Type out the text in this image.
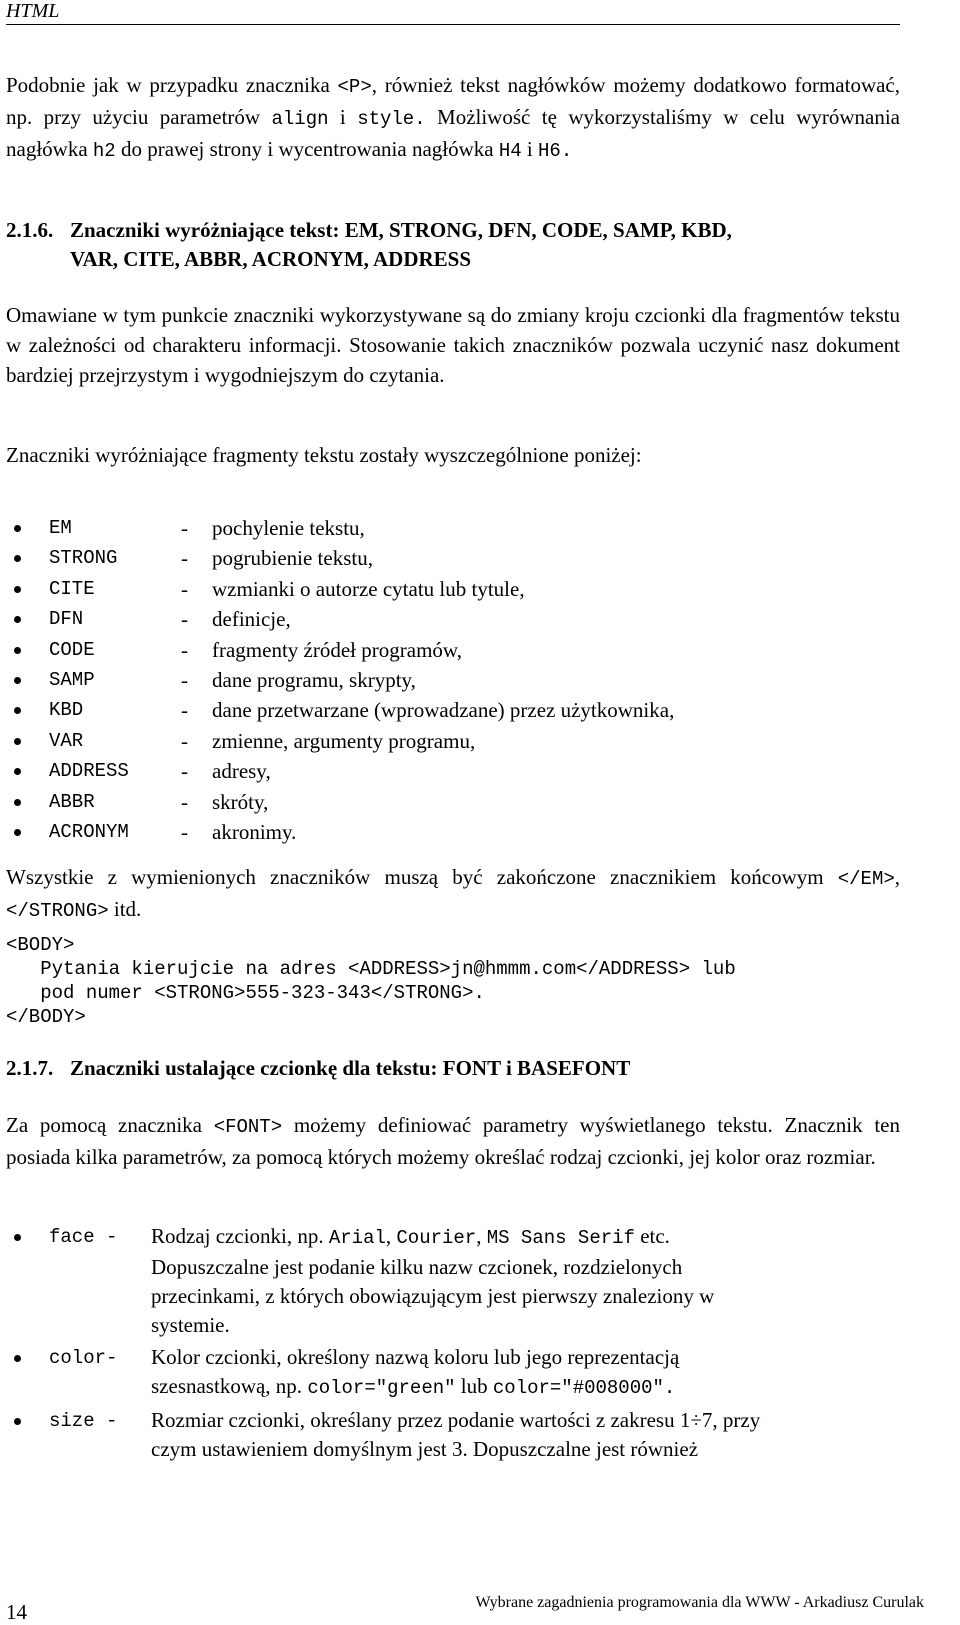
HTML

Podobnie jak w przypadku znacznika <P>, również tekst nagłówków możemy dodatkowo formatować, np. przy użyciu parametrów align i style. Możliwość tę wykorzystaliśmy w celu wyrównania nagłówka h2 do prawej strony i wycentrowania nagłówka H4 i H6.

2.1.6. Znaczniki wyróżniające tekst: EM, STRONG, DFN, CODE, SAMP, KBD,
VAR, CITE, ABBR, ACRONYM, ADDRESS

Omawiane w tym punkcie znaczniki wykorzystywane są do zmiany kroju czcionki dla fragmentów tekstu w zależności od charakteru informacji. Stosowanie takich znaczników pozwala uczynić nasz dokument bardziej przejrzystym i wygodniejszym do czytania.

Znaczniki wyróżniające fragmenty tekstu zostały wyszczególnione poniżej:

EM	- pochylenie tekstu,
STRONG	- pogrubienie tekstu,
CITE	- wzmianki o autorze cytatu lub tytule,
DFN	- definicje,
CODE	- fragmenty źródeł programów,
SAMP	- dane programu, skrypty,
KBD	- dane przetwarzane (wprowadzane) przez użytkownika,
VAR	- zmienne, argumenty programu,
ADDRESS - adresy,
ABBR	- skróty,
ACRONYM - akronimy.

Wszystkie z wymienionych znaczników muszą być zakończone znacznikiem końcowym </EM>, </STRONG> itd.

<BODY>
Pytania kierujcie na adres <ADDRESS>jn@hmmm.com</ADDRESS> lub
pod numer <STRONG>555-323-343</STRONG>.
</BODY>
2.1.7. Znaczniki ustalające czcionkę dla tekstu: FONT i BASEFONT

Za pomocą znacznika <FONT> możemy definiować parametry wyświetlanego tekstu. Znacznik ten posiada kilka parametrów, za pomocą których możemy określać rodzaj czcionki, jej kolor oraz rozmiar.

face - Rodzaj czcionki, np. Arial, Courier, MS Sans Serif etc. Dopuszczalne jest podanie kilku nazw czcionek, rozdzielonych przecinkami, z których obowiązującym jest pierwszy znaleziony w systemie.
color- Kolor czcionki, określony nazwą koloru lub jego reprezentacją szesnastkową, np. color=″green″ lub color=″#008000″.
size - Rozmiar czcionki, określany przez podanie wartości z zakresu 1÷7, przy czym ustawieniem domyślnym jest 3. Dopuszczalne jest również
14	Wybrane zagadnienia programowania dla WWW - Arkadiusz Curulak
